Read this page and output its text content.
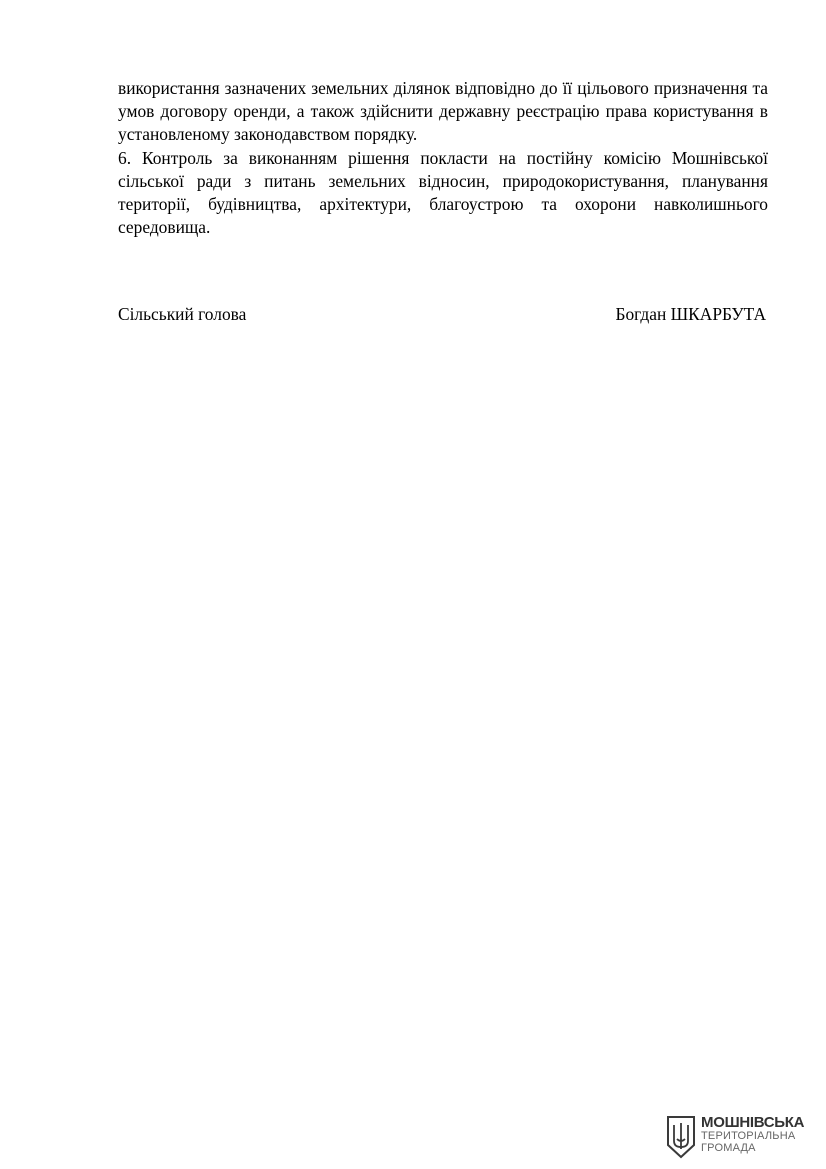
використання зазначених земельних ділянок відповідно до її цільового призначення та умов договору оренди, а також здійснити державну реєстрацію права користування в установленому законодавством порядку.

6. Контроль за виконанням рішення покласти на постійну комісію Мошнівської сільської ради з питань земельних відносин, природокористування, планування території, будівництва, архітектури, благоустрою та охорони навколишнього середовища.

Сільський голова	Богдан ШКАРБУТА
МОШНІВСЬКА
ТЕРИТОРІАЛЬНА
ГРОМАДА
